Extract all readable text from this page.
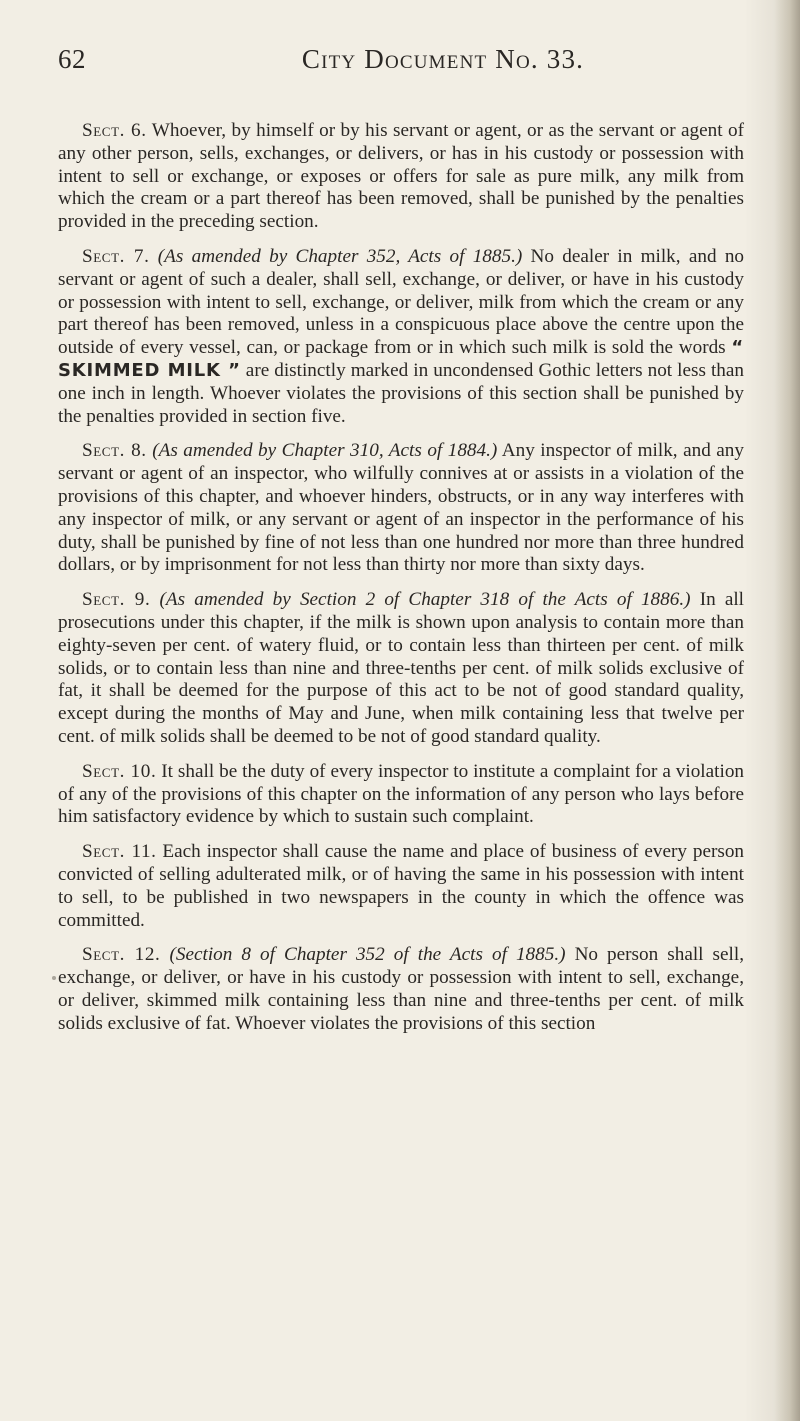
62	City Document No. 33.

Sect. 6. Whoever, by himself or by his servant or agent, or as the servant or agent of any other person, sells, exchanges, or delivers, or has in his custody or possession with intent to sell or exchange, or exposes or offers for sale as pure milk, any milk from which the cream or a part thereof has been removed, shall be punished by the penalties provided in the preceding section.

Sect. 7. (As amended by Chapter 352, Acts of 1885.) No dealer in milk, and no servant or agent of such a dealer, shall sell, exchange, or deliver, or have in his custody or possession with intent to sell, exchange, or deliver, milk from which the cream or any part thereof has been removed, unless in a conspicuous place above the centre upon the outside of every vessel, can, or package from or in which such milk is sold the words “ SKIMMED MILK ” are distinctly marked in uncondensed Gothic letters not less than one inch in length. Whoever violates the provisions of this section shall be punished by the penalties provided in section five.

Sect. 8. (As amended by Chapter 310, Acts of 1884.) Any inspector of milk, and any servant or agent of an inspector, who wilfully connives at or assists in a violation of the provisions of this chapter, and whoever hinders, obstructs, or in any way interferes with any inspector of milk, or any servant or agent of an inspector in the performance of his duty, shall be punished by fine of not less than one hundred nor more than three hundred dollars, or by imprisonment for not less than thirty nor more than sixty days.

Sect. 9. (As amended by Section 2 of Chapter 318 of the Acts of 1886.) In all prosecutions under this chapter, if the milk is shown upon analysis to contain more than eighty-seven per cent. of watery fluid, or to contain less than thirteen per cent. of milk solids, or to contain less than nine and three-tenths per cent. of milk solids exclusive of fat, it shall be deemed for the purpose of this act to be not of good standard quality, except during the months of May and June, when milk containing less that twelve per cent. of milk solids shall be deemed to be not of good standard quality.

Sect. 10. It shall be the duty of every inspector to institute a complaint for a violation of any of the provisions of this chapter on the information of any person who lays before him satisfactory evidence by which to sustain such complaint.

Sect. 11. Each inspector shall cause the name and place of business of every person convicted of selling adulterated milk, or of having the same in his possession with intent to sell, to be published in two newspapers in the county in which the offence was committed.

Sect. 12. (Section 8 of Chapter 352 of the Acts of 1885.) No person shall sell, exchange, or deliver, or have in his custody or possession with intent to sell, exchange, or deliver, skimmed milk containing less than nine and three-tenths per cent. of milk solids exclusive of fat. Whoever violates the provisions of this section
